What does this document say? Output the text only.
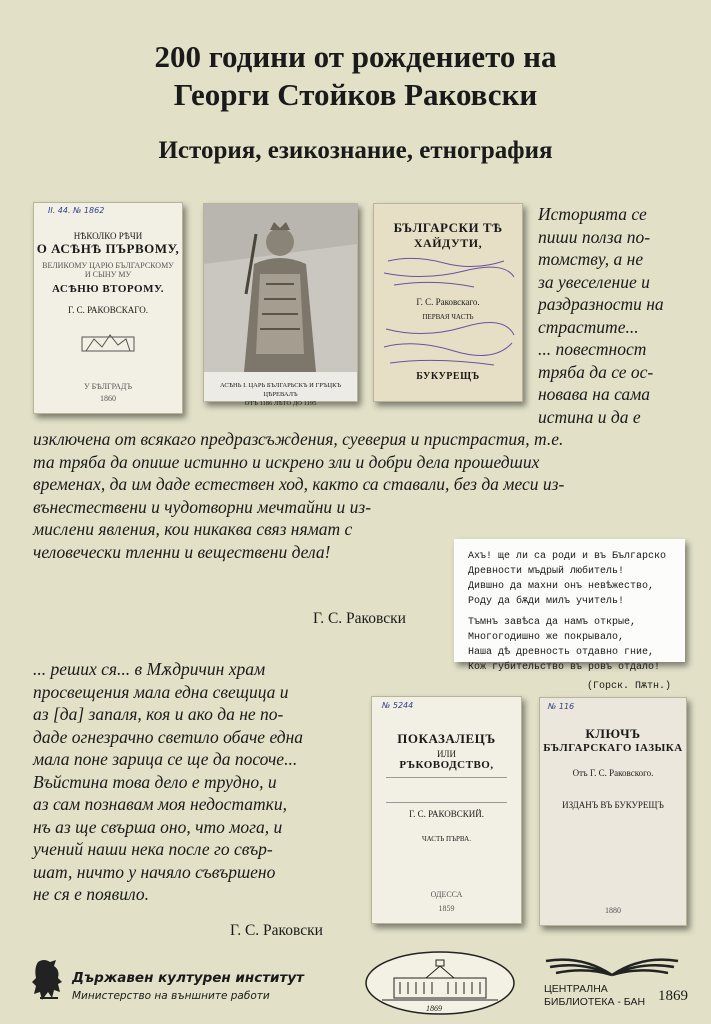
200 години от рождението на
Георги Стойков Раковски
История, езикознание, етнография
II. 44. № 1862
НѢКОЛКО РѢЧИ
О АСѢНѢ ПЪРВОМУ,
ВЕЛИКОМУ ЦАРЮ БЪЛГАРСКОМУ И СЫНУ МУ
АСѢНЮ ВТОРОМУ.
Г. С. РАКОВСКАГО.
У БѢЛГРАДЪ
1860
АСѢНЬ I. ЦАРЬ БЪЛГАРЬСКЪ И ГРЪЦКЪ ЦѢРЕВАЛЪ
ОТЪ 1186 ЛѢТО ДО 1195
БЪЛГАРСКИ ТѢ
ХАЙДУТИ,
Г. С. Раковскаго.
ПЕРВАЯ ЧАСТЬ
БУКУРЕЩЪ
Историята се
пиши полза по-
томству, а не
за увеселение и
раздразности на
страстите...
... повестност
тряба да се ос-
новава на сама
истина и да е
изключена от всякаго предразсъждения, суеверия и пристрастия, т.е.
та тряба да опише истинно и искрено зли и добри дела прошедших
временах, да им даде естествен ход, както са ставали, без да меси из-
вънестествени и чудотворни мечтайни и из-
мислени явления, кои никаква связ нямат с
человечески тленни и веществени дела!
Г. С. Раковски
Ахъ! ще ли са роди и въ Българско
Древности мъдрый любитель!
Дившно да махни онъ невѣжество,
Роду да бѫди милъ учитель!
Тъмнъ завѣса да намъ открые,
Многогодишно же покрывало,
Наша дѣ древность отдавно гние,
Кож губительство въ ровъ отдало!
(Горск. Пѫтн.)
... реших ся... в Мѫдричин храм
просвещения мала една свещица и
аз [да] запаля, коя и ако да не по-
даде огнезрачно светило обаче една
мала поне зарица се ще да посоче...
Въйстина това дело е трудно, и
аз сам познавам моя недостатки,
нъ аз ще свърша оно, что мога, и
учений наши нека после го свър-
шат, ничто у начяло съвършено
не ся е появило.
Г. С. Раковски
№ 5244
ПОКАЗАЛЕЦЪ
ИЛИ
РЪКОВОДСТВО,
Г. С. РАКОВСКИЙ.
ЧАСТЬ ПЪРВА.
ОДЕССА
1859
№ 116
КЛЮЧЪ
БЪЛГАРСКАГО ІАЗЫКА
Отъ Г. С. Раковского.
ИЗДАНЪ ВЪ БУКУРЕЩЪ
1880
Държавен културен институт
Министерство на външните работи
1869
ЦЕНТРАЛНА
БИБЛИОТЕКА - БАН 1869
